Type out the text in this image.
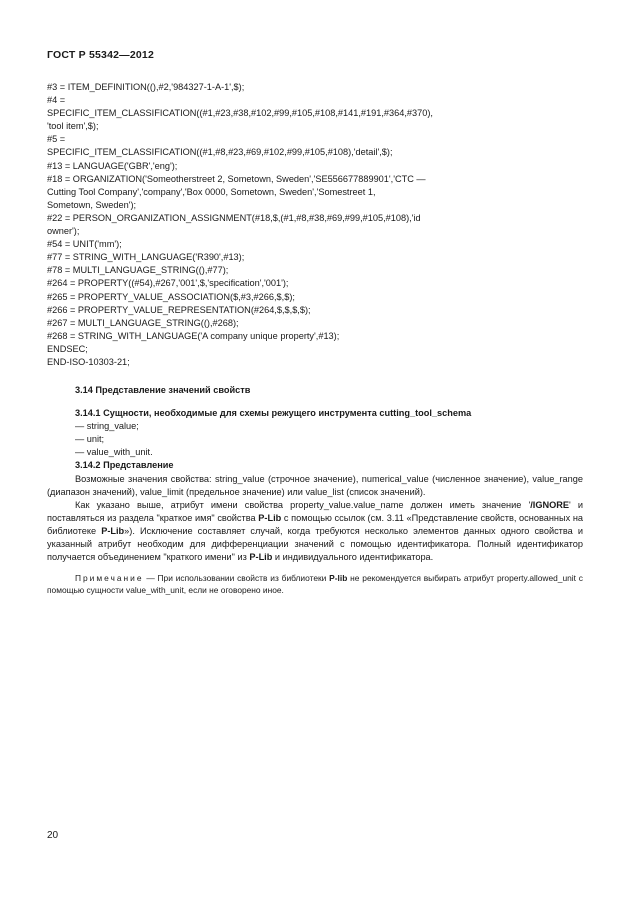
ГОСТ Р 55342—2012
#3 = ITEM_DEFINITION((),#2,'984327-1-A-1',$);
#4 =
SPECIFIC_ITEM_CLASSIFICATION((#1,#23,#38,#102,#99,#105,#108,#141,#191,#364,#370),
'tool item',$);
#5 =
SPECIFIC_ITEM_CLASSIFICATION((#1,#8,#23,#69,#102,#99,#105,#108),'detail',$);
#13 = LANGUAGE('GBR','eng');
#18 = ORGANIZATION('Someotherstreet 2, Sometown, Sweden','SE556677889901','CTC —
Cutting Tool Company','company','Box 0000, Sometown, Sweden','Somestreet 1,
Sometown, Sweden');
#22 = PERSON_ORGANIZATION_ASSIGNMENT(#18,$,(#1,#8,#38,#69,#99,#105,#108),'id
owner');
#54 = UNIT('mm');
#77 = STRING_WITH_LANGUAGE('R390',#13);
#78 = MULTI_LANGUAGE_STRING((),#77);
#264 = PROPERTY((#54),#267,'001',$,'specification','001');
#265 = PROPERTY_VALUE_ASSOCIATION($,#3,#266,$,$);
#266 = PROPERTY_VALUE_REPRESENTATION(#264,$,$,$,$);
#267 = MULTI_LANGUAGE_STRING((),#268);
#268 = STRING_WITH_LANGUAGE('A company unique property',#13);
ENDSEC;
END-ISO-10303-21;
3.14 Представление значений свойств
3.14.1 Сущности, необходимые для схемы режущего инструмента cutting_tool_schema
— string_value;
— unit;
— value_with_unit.
3.14.2 Представление

Возможные значения свойства: string_value (строчное значение), numerical_value (численное значение), value_range (диапазон значений), value_limit (предельное значение) или value_list (список значений).

Как указано выше, атрибут имени свойства property_value.value_name должен иметь значение '/IGNORE' и поставляться из раздела "краткое имя" свойства P-Lib с помощью ссылок (см. 3.11 «Представление свойств, основанных на библиотеке P-Lib»). Исключение составляет случай, когда требуются несколько элементов данных одного свойства и указанный атрибут необходим для дифференциации значений с помощью идентификатора. Полный идентификатор получается объединением "краткого имени" из P-Lib и индивидуального идентификатора.

Примечание — При использовании свойств из библиотеки P-lib не рекомендуется выбирать атрибут property.allowed_unit с помощью сущности value_with_unit, если не оговорено иное.
20
